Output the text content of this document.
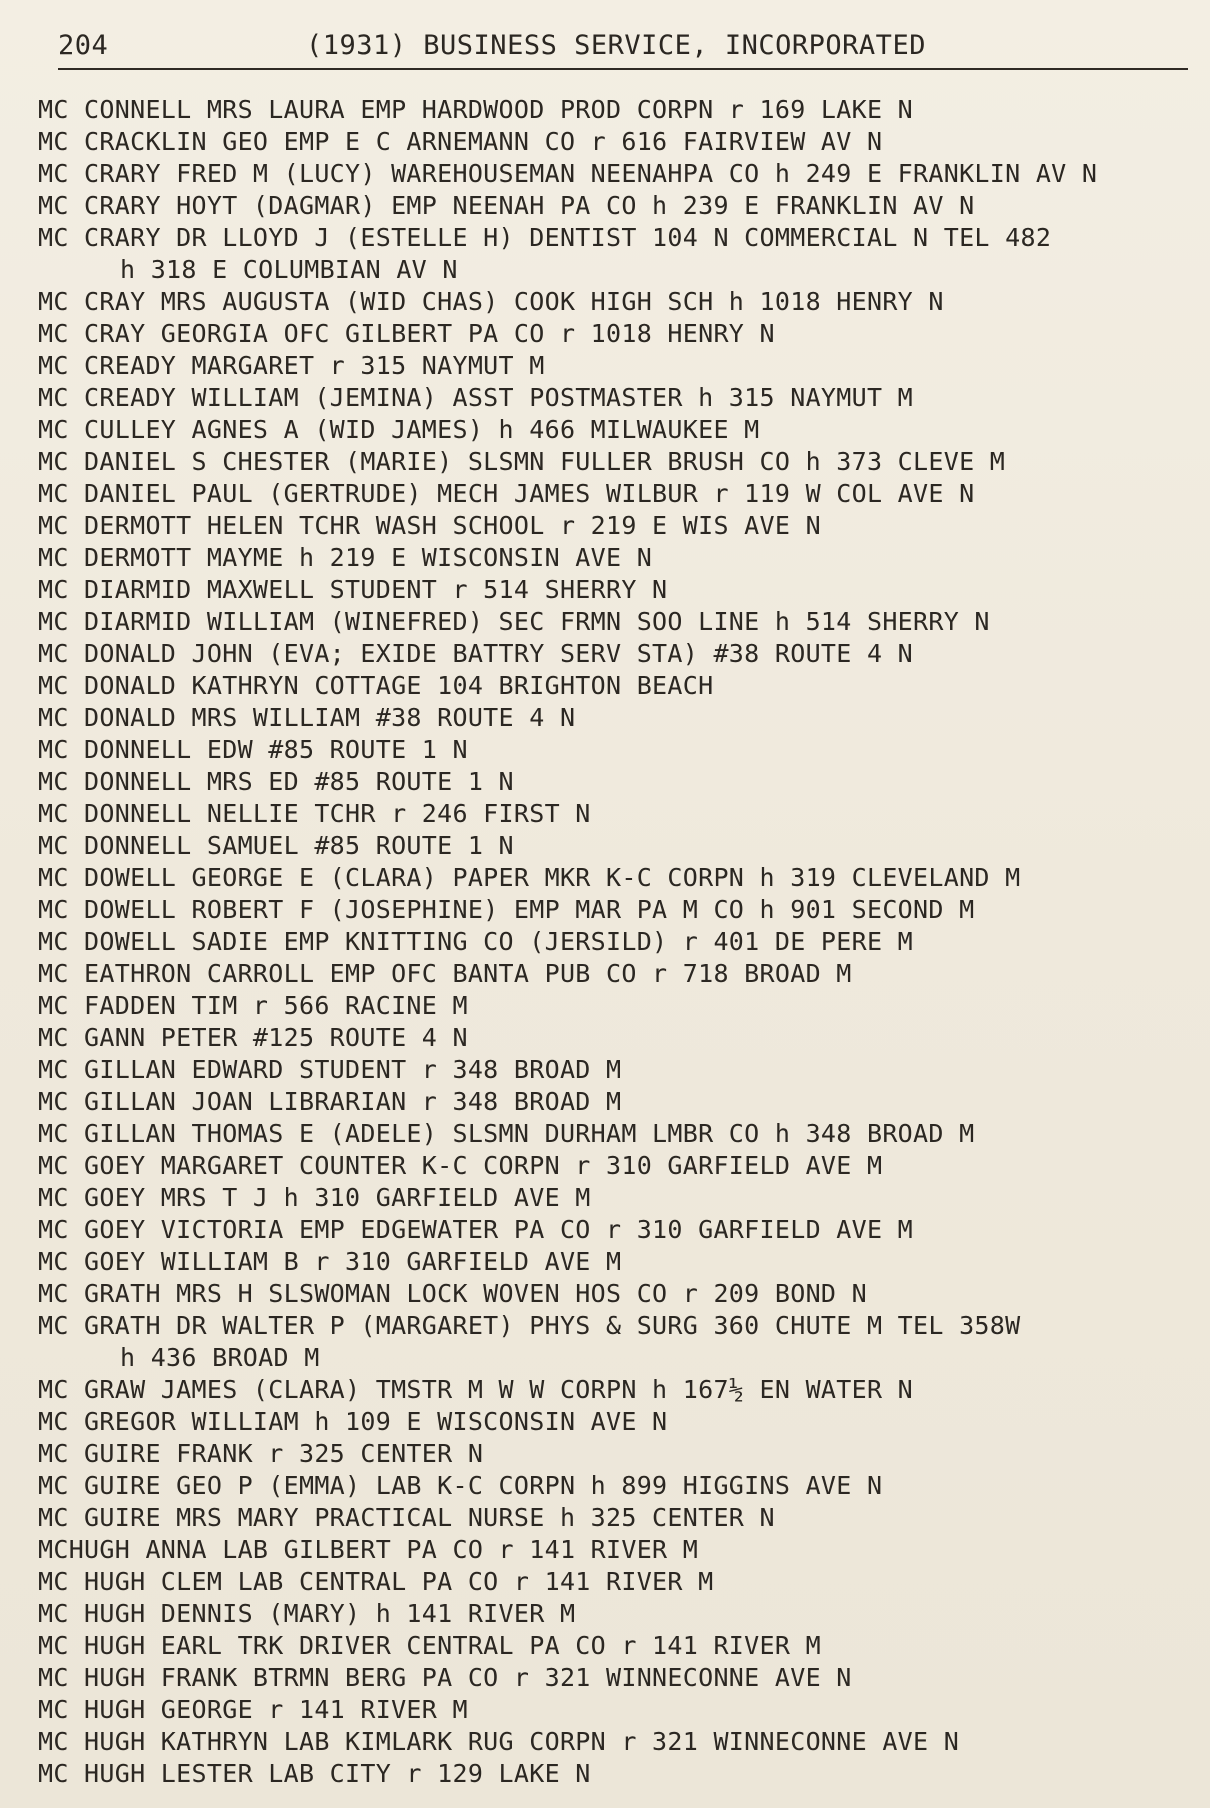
204	(1931) BUSINESS SERVICE, INCORPORATED
MC CONNELL MRS LAURA EMP HARDWOOD PROD CORPN r 169 LAKE N
MC CRACKLIN GEO EMP E C ARNEMANN CO r 616 FAIRVIEW AV N
MC CRARY FRED M (LUCY) WAREHOUSEMAN NEENAHPA CO h 249 E FRANKLIN AV N
MC CRARY HOYT (DAGMAR) EMP NEENAH PA CO h 239 E FRANKLIN AV N
MC CRARY DR LLOYD J (ESTELLE H) DENTIST 104 N COMMERCIAL N TEL 482
h 318 E COLUMBIAN AV N
MC CRAY MRS AUGUSTA (WID CHAS) COOK HIGH SCH h 1018 HENRY N
MC CRAY GEORGIA OFC GILBERT PA CO r 1018 HENRY N
MC CREADY MARGARET r 315 NAYMUT M
MC CREADY WILLIAM (JEMINA) ASST POSTMASTER h 315 NAYMUT M
MC CULLEY AGNES A (WID JAMES) h 466 MILWAUKEE M
MC DANIEL S CHESTER (MARIE) SLSMN FULLER BRUSH CO h 373 CLEVE M
MC DANIEL PAUL (GERTRUDE) MECH JAMES WILBUR r 119 W COL AVE N
MC DERMOTT HELEN TCHR WASH SCHOOL r 219 E WIS AVE N
MC DERMOTT MAYME h 219 E WISCONSIN AVE N
MC DIARMID MAXWELL STUDENT r 514 SHERRY N
MC DIARMID WILLIAM (WINEFRED) SEC FRMN SOO LINE h 514 SHERRY N
MC DONALD JOHN (EVA; EXIDE BATTRY SERV STA) #38 ROUTE 4 N
MC DONALD KATHRYN COTTAGE 104 BRIGHTON BEACH
MC DONALD MRS WILLIAM #38 ROUTE 4 N
MC DONNELL EDW #85 ROUTE 1 N
MC DONNELL MRS ED #85 ROUTE 1 N
MC DONNELL NELLIE TCHR r 246 FIRST N
MC DONNELL SAMUEL #85 ROUTE 1 N
MC DOWELL GEORGE E (CLARA) PAPER MKR K-C CORPN h 319 CLEVELAND M
MC DOWELL ROBERT F (JOSEPHINE) EMP MAR PA M CO h 901 SECOND M
MC DOWELL SADIE EMP KNITTING CO (JERSILD) r 401 DE PERE M
MC EATHRON CARROLL EMP OFC BANTA PUB CO r 718 BROAD M
MC FADDEN TIM r 566 RACINE M
MC GANN PETER #125 ROUTE 4 N
MC GILLAN EDWARD STUDENT r 348 BROAD M
MC GILLAN JOAN LIBRARIAN r 348 BROAD M
MC GILLAN THOMAS E (ADELE) SLSMN DURHAM LMBR CO h 348 BROAD M
MC GOEY MARGARET COUNTER K-C CORPN r 310 GARFIELD AVE M
MC GOEY MRS T J h 310 GARFIELD AVE M
MC GOEY VICTORIA EMP EDGEWATER PA CO r 310 GARFIELD AVE M
MC GOEY WILLIAM B r 310 GARFIELD AVE M
MC GRATH MRS H SLSWOMAN LOCK WOVEN HOS CO r 209 BOND N
MC GRATH DR WALTER P (MARGARET) PHYS & SURG 360 CHUTE M TEL 358W
h 436 BROAD M
MC GRAW JAMES (CLARA) TMSTR M W W CORPN h 167½ EN WATER N
MC GREGOR WILLIAM h 109 E WISCONSIN AVE N
MC GUIRE FRANK r 325 CENTER N
MC GUIRE GEO P (EMMA) LAB K-C CORPN h 899 HIGGINS AVE N
MC GUIRE MRS MARY PRACTICAL NURSE h 325 CENTER N
MCHUGH ANNA LAB GILBERT PA CO r 141 RIVER M
MC HUGH CLEM LAB CENTRAL PA CO r 141 RIVER M
MC HUGH DENNIS (MARY) h 141 RIVER M
MC HUGH EARL TRK DRIVER CENTRAL PA CO r 141 RIVER M
MC HUGH FRANK BTRMN BERG PA CO r 321 WINNECONNE AVE N
MC HUGH GEORGE r 141 RIVER M
MC HUGH KATHRYN LAB KIMLARK RUG CORPN r 321 WINNECONNE AVE N
MC HUGH LESTER LAB CITY r 129 LAKE N
